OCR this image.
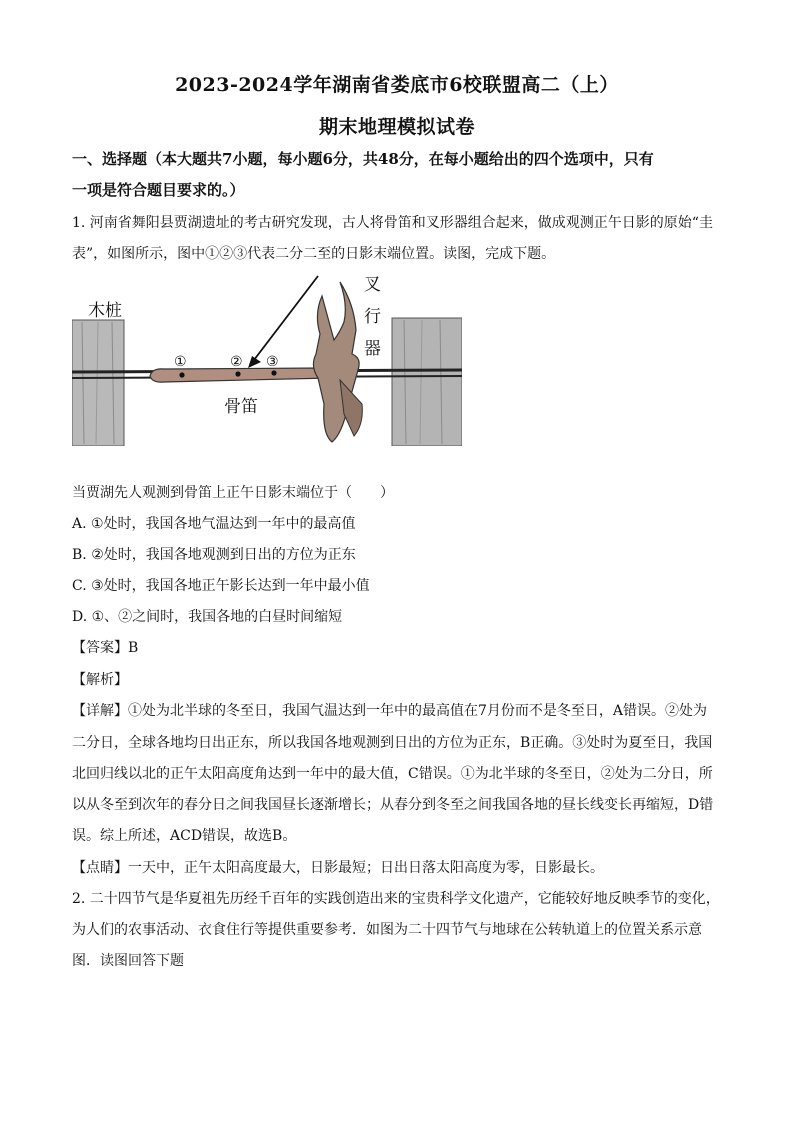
2023-2024学年湖南省娄底市6校联盟高二（上）
期末地理模拟试卷
一、选择题（本大题共7小题，每小题6分，共48分，在每小题给出的四个选项中，只有
一项是符合题目要求的。）
1. 河南省舞阳县贾湖遗址的考古研究发现，古人将骨笛和叉形器组合起来，做成观测正午日影的原始“圭
表”，如图所示，图中①②③代表二分二至的日影末端位置。读图，完成下题。
木桩
叉
行
器
骨笛
①	② ③
当贾湖先人观测到骨笛上正午日影末端位于（　　）
A. ①处时，我国各地气温达到一年中的最高值
B. ②处时，我国各地观测到日出的方位为正东
C. ③处时，我国各地正午影长达到一年中最小值
D. ①、②之间时，我国各地的白昼时间缩短
【答案】B
【解析】
【详解】①处为北半球的冬至日，我国气温达到一年中的最高值在7月份而不是冬至日，A错误。②处为
二分日，全球各地均日出正东，所以我国各地观测到日出的方位为正东，B正确。③处时为夏至日，我国
北回归线以北的正午太阳高度角达到一年中的最大值，C错误。①为北半球的冬至日，②处为二分日，所
以从冬至到次年的春分日之间我国昼长逐渐增长；从春分到冬至之间我国各地的昼长线变长再缩短，D错
误。综上所述，ACD错误，故选B。
【点睛】一天中，正午太阳高度最大，日影最短；日出日落太阳高度为零，日影最长。
2. 二十四节气是华夏祖先历经千百年的实践创造出来的宝贵科学文化遗产，它能较好地反映季节的变化，
为人们的农事活动、衣食住行等提供重要参考．如图为二十四节气与地球在公转轨道上的位置关系示意
图．读图回答下题
